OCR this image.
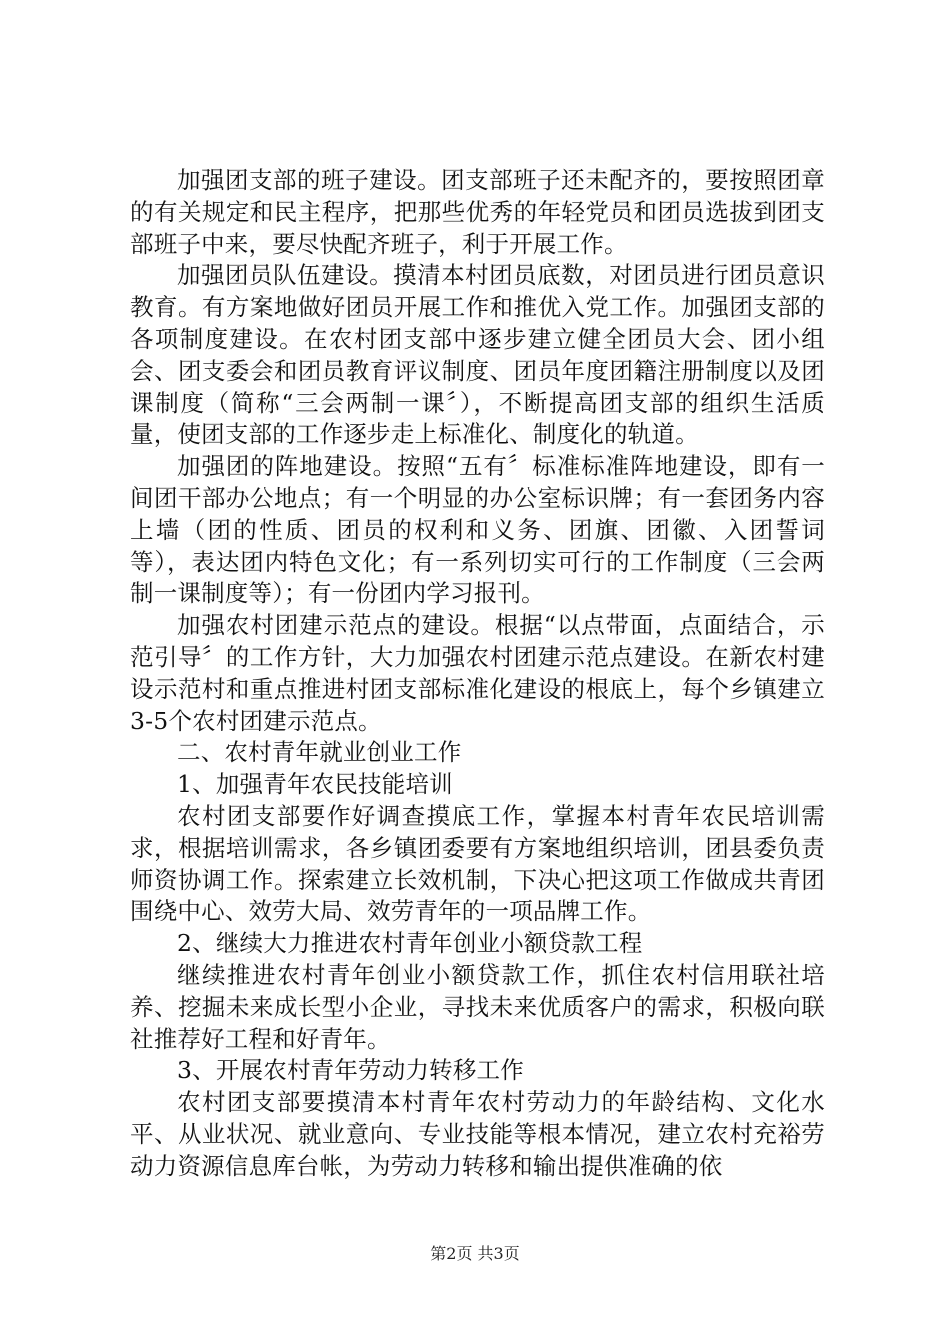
加强团支部的班子建设。团支部班子还未配齐的，要按照团章的有关规定和民主程序，把那些优秀的年轻党员和团员选拔到团支部班子中来，要尽快配齐班子，利于开展工作。

加强团员队伍建设。摸清本村团员底数，对团员进行团员意识教育。有方案地做好团员开展工作和推优入党工作。加强团支部的各项制度建设。在农村团支部中逐步建立健全团员大会、团小组会、团支委会和团员教育评议制度、团员年度团籍注册制度以及团课制度（简称“三会两制一课〞），不断提高团支部的组织生活质量，使团支部的工作逐步走上标准化、制度化的轨道。

加强团的阵地建设。按照“五有〞标准标准阵地建设，即有一间团干部办公地点；有一个明显的办公室标识牌；有一套团务内容上墙（团的性质、团员的权利和义务、团旗、团徽、入团誓词等），表达团内特色文化；有一系列切实可行的工作制度（三会两制一课制度等）；有一份团内学习报刊。

加强农村团建示范点的建设。根据“以点带面，点面结合，示范引导〞的工作方针，大力加强农村团建示范点建设。在新农村建设示范村和重点推进村团支部标准化建设的根底上，每个乡镇建立3-5个农村团建示范点。

二、农村青年就业创业工作

1、加强青年农民技能培训

农村团支部要作好调查摸底工作，掌握本村青年农民培训需求，根据培训需求，各乡镇团委要有方案地组织培训，团县委负责师资协调工作。探索建立长效机制，下决心把这项工作做成共青团围绕中心、效劳大局、效劳青年的一项品牌工作。

2、继续大力推进农村青年创业小额贷款工程

继续推进农村青年创业小额贷款工作，抓住农村信用联社培养、挖掘未来成长型小企业，寻找未来优质客户的需求，积极向联社推荐好工程和好青年。

3、开展农村青年劳动力转移工作

农村团支部要摸清本村青年农村劳动力的年龄结构、文化水平、从业状况、就业意向、专业技能等根本情况，建立农村充裕劳动力资源信息库台帐，为劳动力转移和输出提供准确的依

第2页 共3页
